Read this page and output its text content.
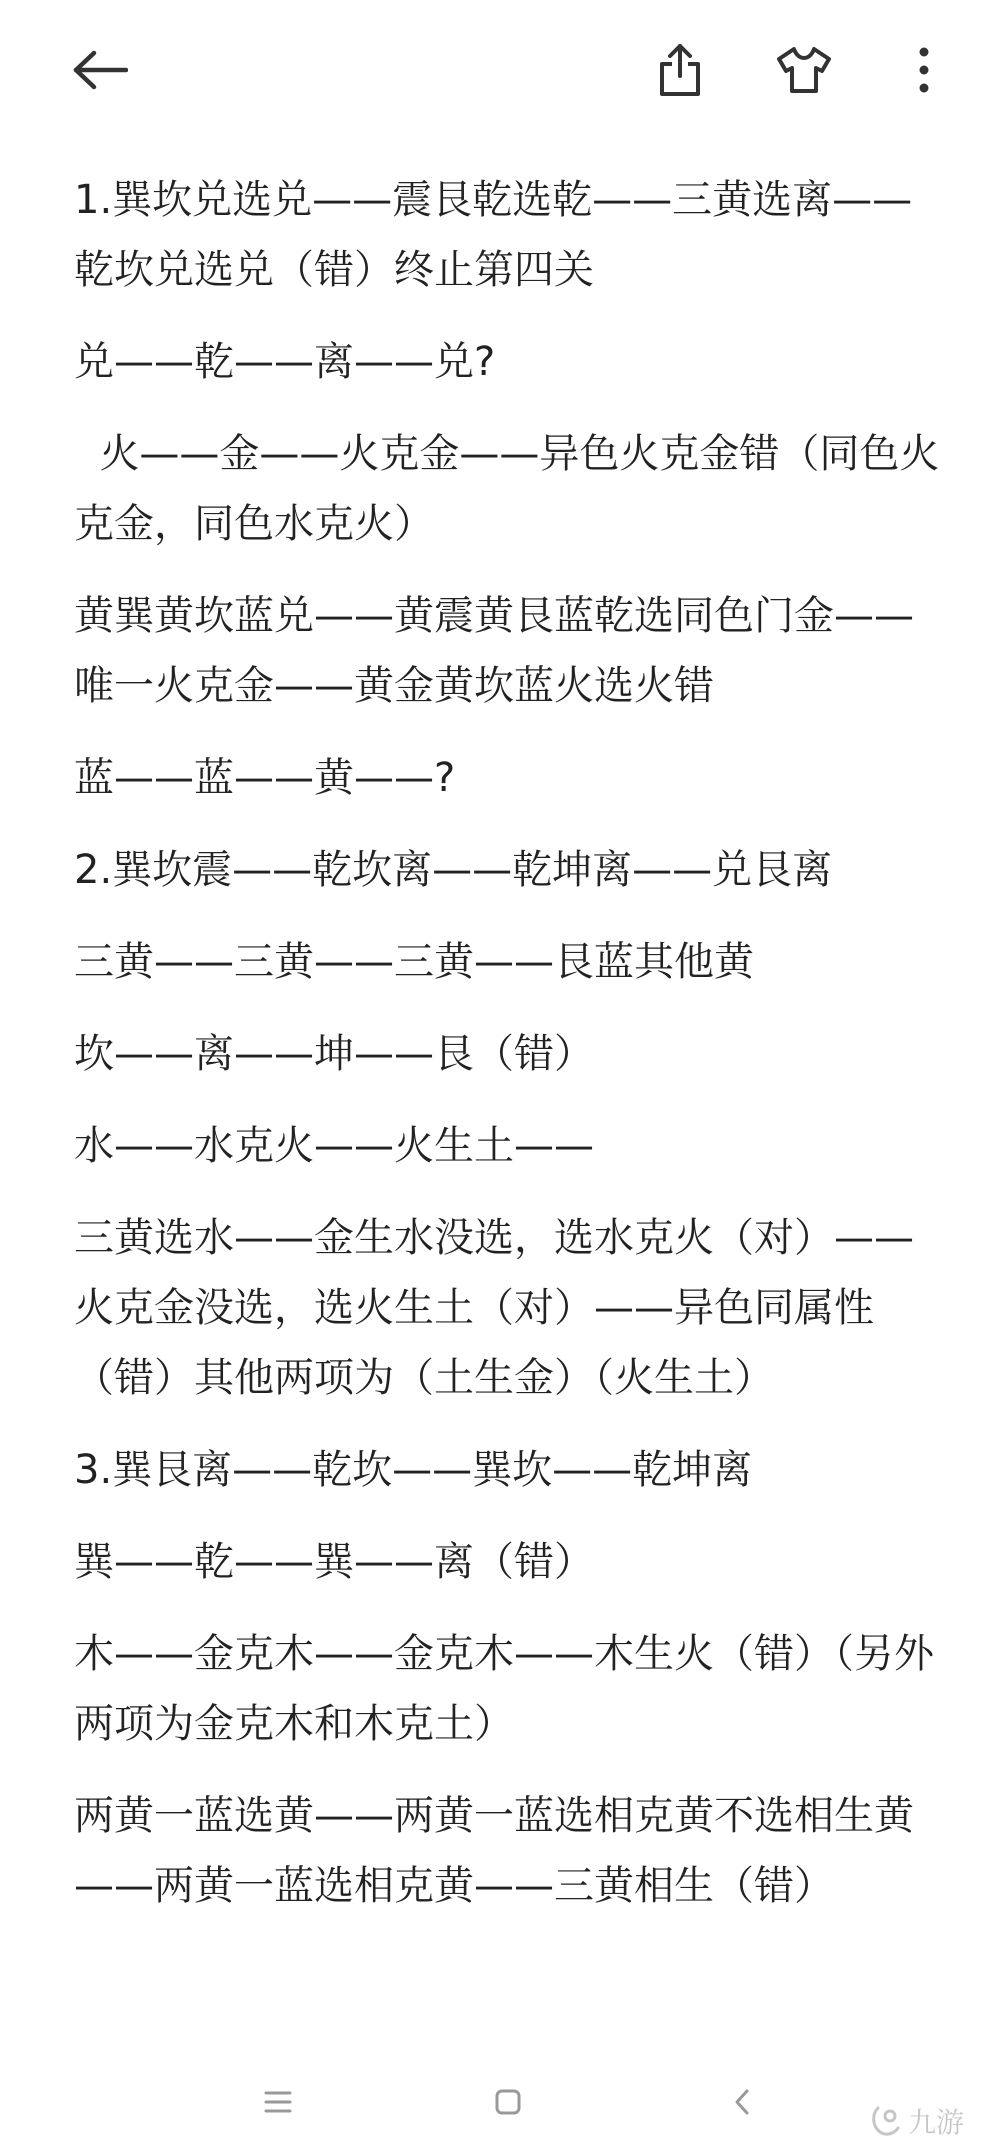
1.巽坎兑选兑——震艮乾选乾——三黄选离——乾坎兑选兑（错）终止第四关

兑——乾——离——兑?

火——金——火克金——异色火克金错（同色火克金，同色水克火）

黄巽黄坎蓝兑——黄震黄艮蓝乾选同色门金——唯一火克金——黄金黄坎蓝火选火错

蓝——蓝——黄——?

2.巽坎震——乾坎离——乾坤离——兑艮离

三黄——三黄——三黄——艮蓝其他黄

坎——离——坤——艮（错）

水——水克火——火生土——

三黄选水——金生水没选，选水克火（对）——火克金没选，选火生土（对）——异色同属性（错）其他两项为（土生金）（火生土）

3.巽艮离——乾坎——巽坎——乾坤离

巽——乾——巽——离（错）

木——金克木——金克木——木生火（错）（另外两项为金克木和木克土）

两黄一蓝选黄——两黄一蓝选相克黄不选相生黄——两黄一蓝选相克黄——三黄相生（错）

九游
